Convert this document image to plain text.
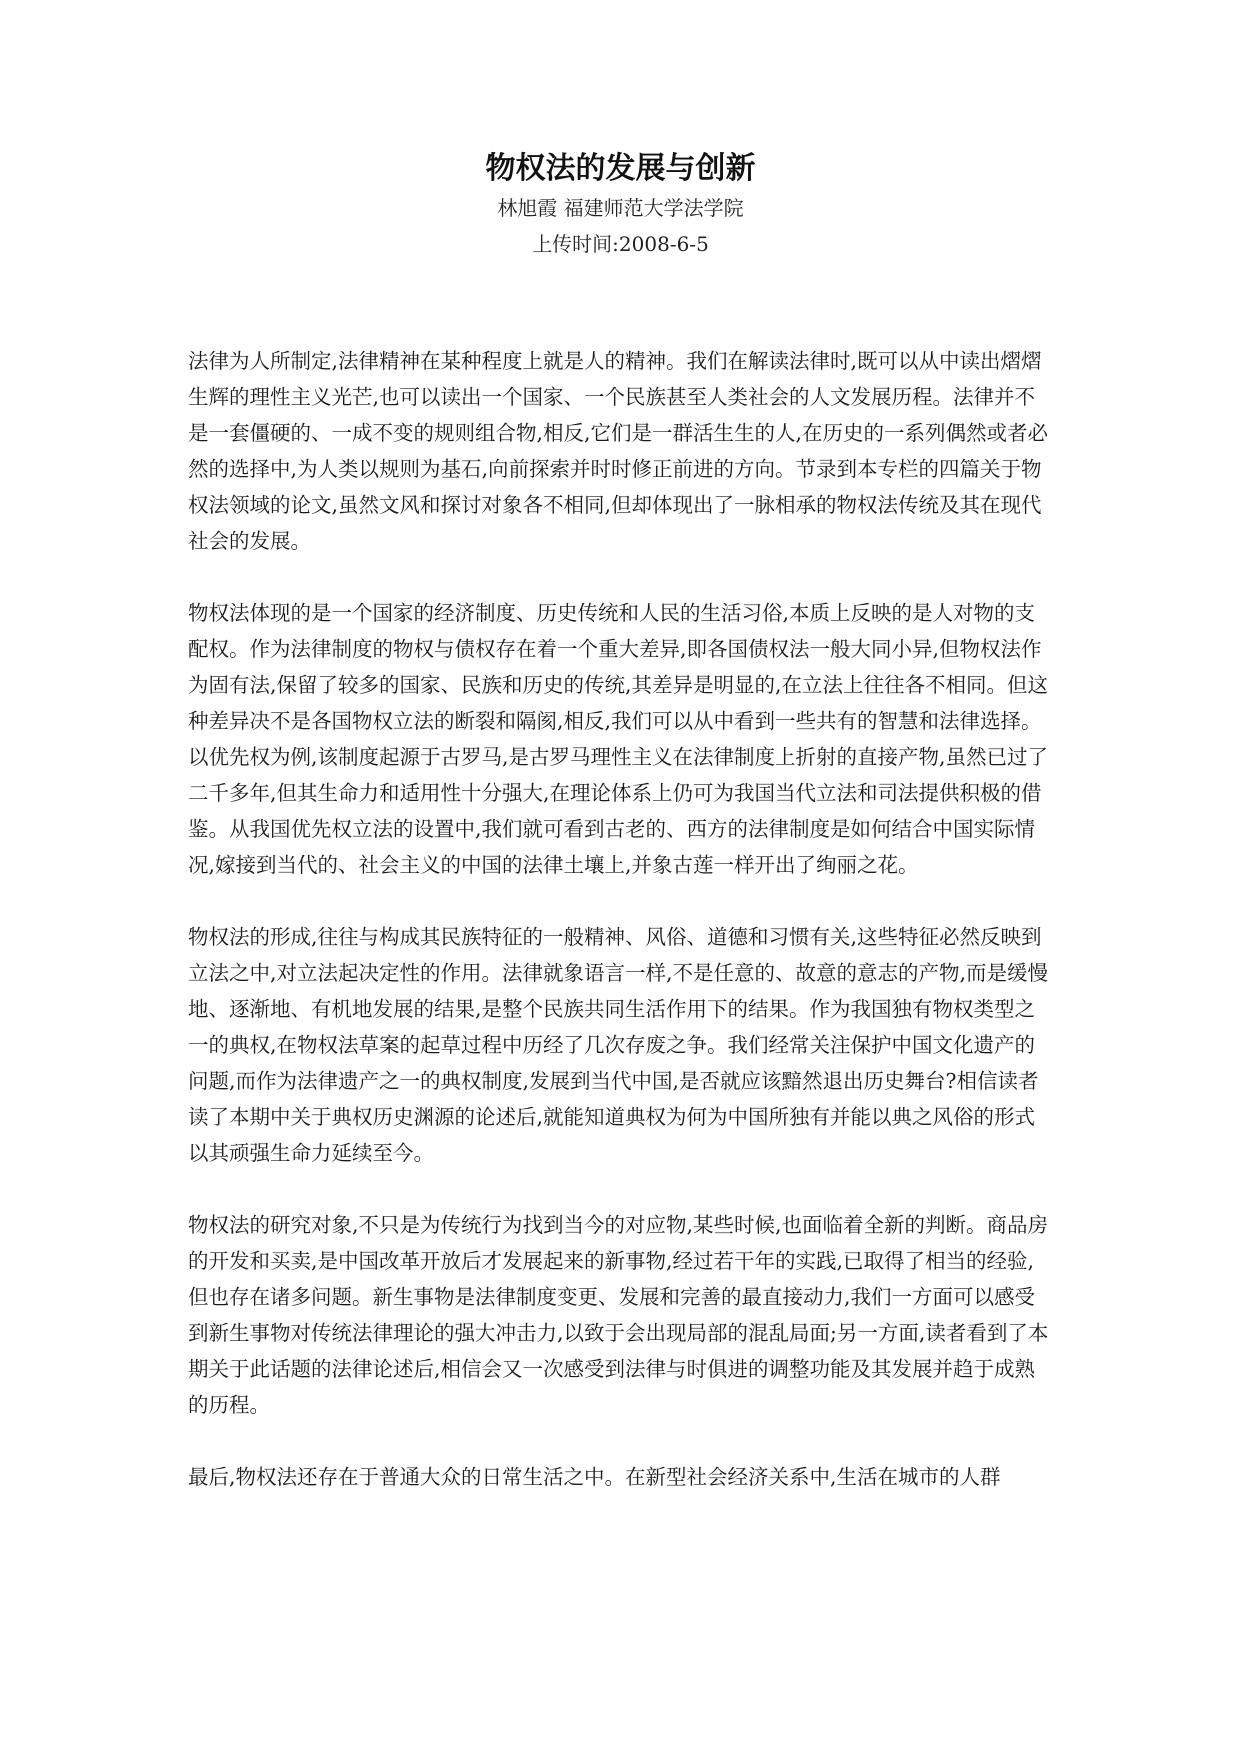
物权法的发展与创新

林旭霞 福建师范大学法学院

上传时间:2008-6-5

法律为人所制定,法律精神在某种程度上就是人的精神。我们在解读法律时,既可以从中读出熠熠生辉的理性主义光芒,也可以读出一个国家、一个民族甚至人类社会的人文发展历程。法律并不是一套僵硬的、一成不变的规则组合物,相反,它们是一群活生生的人,在历史的一系列偶然或者必然的选择中,为人类以规则为基石,向前探索并时时修正前进的方向。节录到本专栏的四篇关于物权法领域的论文,虽然文风和探讨对象各不相同,但却体现出了一脉相承的物权法传统及其在现代社会的发展。

物权法体现的是一个国家的经济制度、历史传统和人民的生活习俗,本质上反映的是人对物的支配权。作为法律制度的物权与债权存在着一个重大差异,即各国债权法一般大同小异,但物权法作为固有法,保留了较多的国家、民族和历史的传统,其差异是明显的,在立法上往往各不相同。但这种差异决不是各国物权立法的断裂和隔阂,相反,我们可以从中看到一些共有的智慧和法律选择。以优先权为例,该制度起源于古罗马,是古罗马理性主义在法律制度上折射的直接产物,虽然已过了二千多年,但其生命力和适用性十分强大,在理论体系上仍可为我国当代立法和司法提供积极的借鉴。从我国优先权立法的设置中,我们就可看到古老的、西方的法律制度是如何结合中国实际情况,嫁接到当代的、社会主义的中国的法律土壤上,并象古莲一样开出了绚丽之花。

物权法的形成,往往与构成其民族特征的一般精神、风俗、道德和习惯有关,这些特征必然反映到立法之中,对立法起决定性的作用。法律就象语言一样,不是任意的、故意的意志的产物,而是缓慢地、逐渐地、有机地发展的结果,是整个民族共同生活作用下的结果。作为我国独有物权类型之一的典权,在物权法草案的起草过程中历经了几次存废之争。我们经常关注保护中国文化遗产的问题,而作为法律遗产之一的典权制度,发展到当代中国,是否就应该黯然退出历史舞台?相信读者读了本期中关于典权历史渊源的论述后,就能知道典权为何为中国所独有并能以典之风俗的形式以其顽强生命力延续至今。

物权法的研究对象,不只是为传统行为找到当今的对应物,某些时候,也面临着全新的判断。商品房的开发和买卖,是中国改革开放后才发展起来的新事物,经过若干年的实践,已取得了相当的经验,但也存在诸多问题。新生事物是法律制度变更、发展和完善的最直接动力,我们一方面可以感受到新生事物对传统法律理论的强大冲击力,以致于会出现局部的混乱局面;另一方面,读者看到了本期关于此话题的法律论述后,相信会又一次感受到法律与时俱进的调整功能及其发展并趋于成熟的历程。

最后,物权法还存在于普通大众的日常生活之中。在新型社会经济关系中,生活在城市的人群
